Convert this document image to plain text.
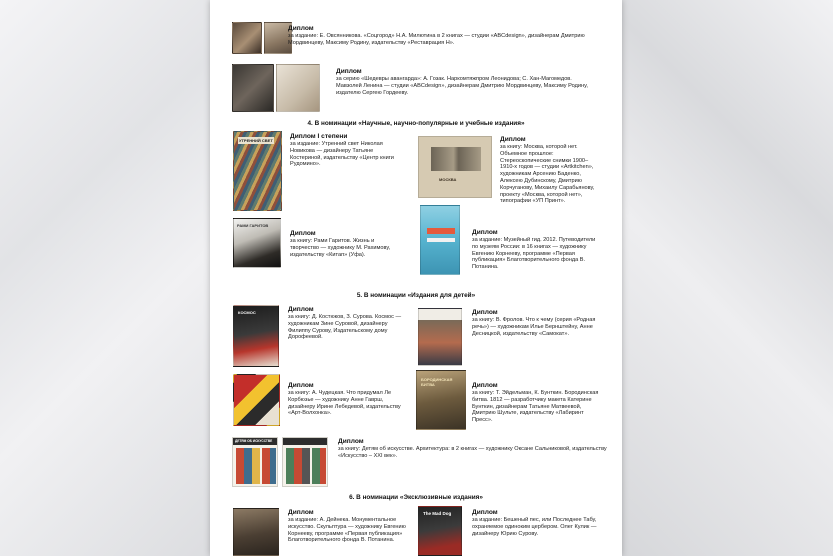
Диплом
за издание: Е. Овсянникова. «Соцгород» Н.А. Милютина в 2 книгах — студии «ABCdesign», дизайнерам Дмитрию Мордвинцеву, Максиму Родину, издательству «Реставрация Н».
Диплом
за серию «Шедевры авангарда»: А. Гозак. Наркомтяжпром Леонидова; С. Хан-Магомедов. Мавзолей Ленина — студии «ABCdesign», дизайнерам Дмитрию Мордвинцеву, Максиму Родину, издателю Сергею Гордееву.
4. В номинации «Научные, научно-популярные и учебные издания»
УТРЕННИЙ СВЕТ
Диплом I степени
за издание: Утренний свет Николая Новикова — дизайнеру Татьяне Костериной, издательству «Центр книги Рудомино».
МОСКВА
Диплом
за книгу: Москва, которой нет. Объемное прошлое: Стереоскопические снимки 1900–1910-х годов — студии «Artkitchen», художникам Арсению Баденко, Алексею Дубинскому, Дмитрию Корчуганову, Михаилу Сарабьянову, проекту «Москва, которой нет», типографии «УП Принт».
РАМИ ГАРИТОВ
Диплом
за книгу: Рами Гаритов. Жизнь и творчество — художнику М. Рахимову, издательству «Китап» (Уфа).
Диплом
за издание: Музейный гид. 2012. Путеводители по музеям России: в 16 книгах — художнику Евгению Корнееву, программе «Первая публикация» Благотворительного фонда В. Потанина.
5. В номинации «Издания для детей»
КОСМОС	Диплом
за книгу: Д. Костюков, З. Сурова. Космос — художникам Зине Суровой, дизайнеру Филиппу Сурову, Издательскому дому Дорофеевой.
Диплом
за книгу: В. Фролов. Что к чему (серия «Родная речь») — художникам Илье Бернштейну, Анне Десницкой, издательству «Самокат».
Диплом
за книгу: А. Чудецкая. Что придумал Ле Корбюзье — художнику Анне Гаврш, дизайнеру Ирине Лебедевой, издательству «Арт-Волхонка».
БОРОДИНСКАЯ БИТВА	Диплом
за книгу: Т. Эйдельман, К. Бунткин. Бородинская битва. 1812 — разработчику макета Катерине Бунткин, дизайнерам Татьяне Матвеевой, Дмитрию Шульте, издательству «Лабиринт Пресс».
ДЕТЯМ ОБ ИСКУССТВЕ	Диплом
за книгу: Детям об искусстве. Архитектура: в 2 книгах — художнику Оксане Сальниковой, издательству «Искусство – XXI век».
6. В номинации «Эксклюзивные издания»
Диплом
за издание: А. Дейнека. Монументальное искусство. Скульптура — художнику Евгению Корнееву, программе «Первая публикация» Благотворительного фонда В. Потанина.
The Mad Dog	Диплом
за издание: Бешеный пес, или Последнее Табу, охраняемое одиноким цербером. Олег Кулик — дизайнеру Юрию Сурову.
